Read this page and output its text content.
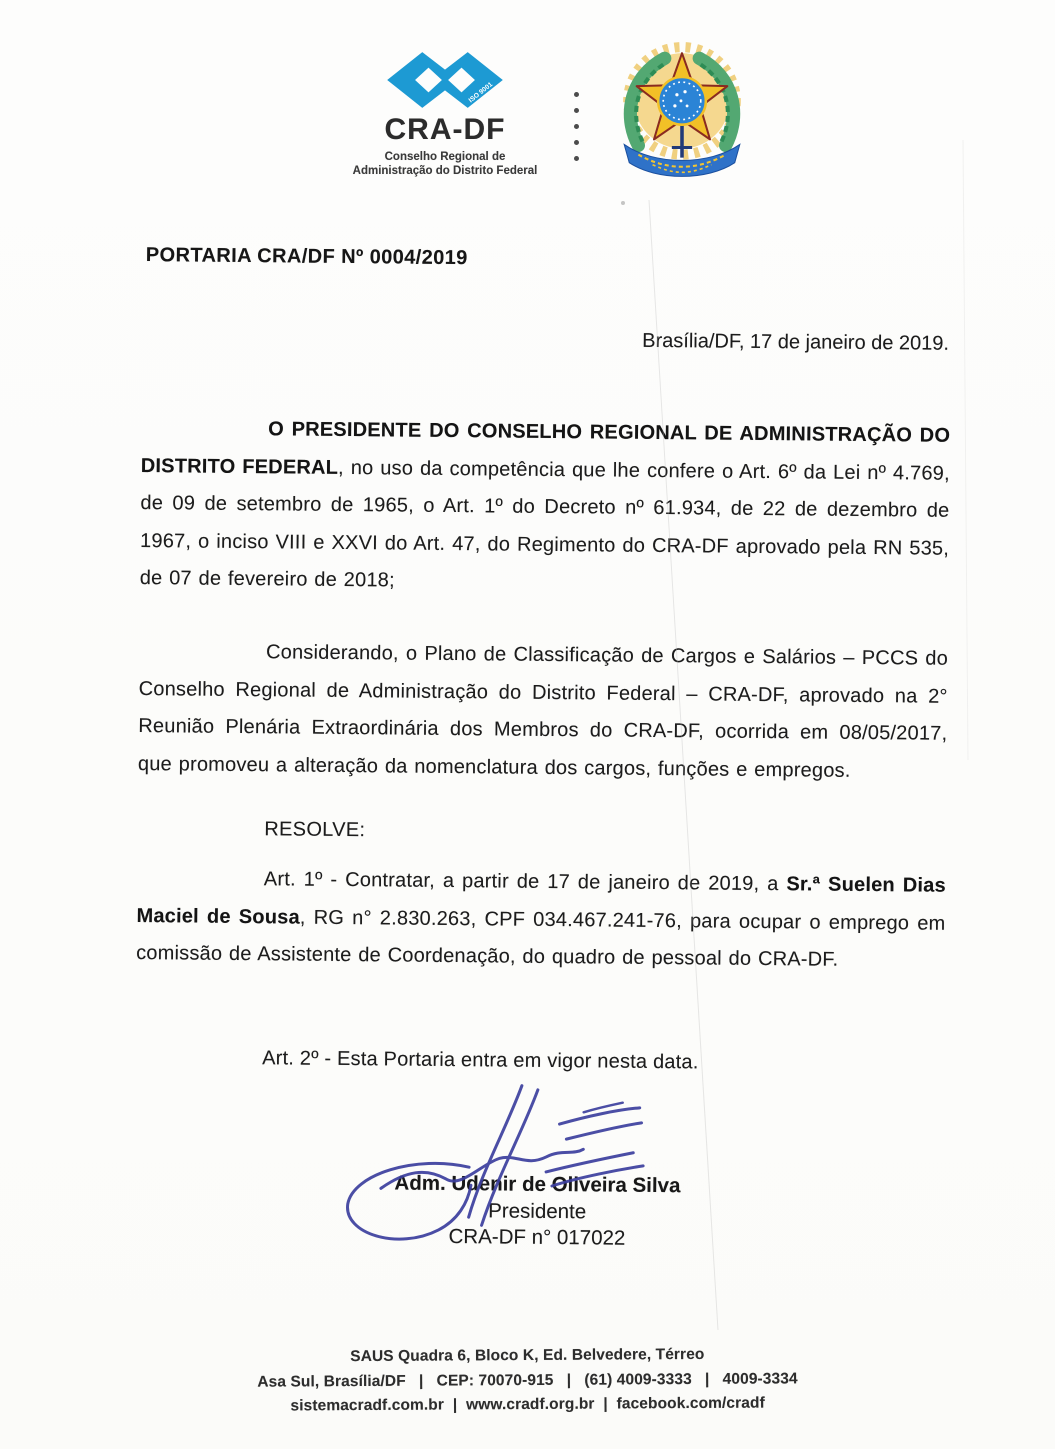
ISO 9001
CRA-DF
Conselho Regional de
Administração do Distrito Federal
PORTARIA CRA/DF Nº 0004/2019
Brasília/DF, 17 de janeiro de 2019.
O PRESIDENTE DO CONSELHO REGIONAL DE ADMINISTRAÇÃO DO DISTRITO FEDERAL, no uso da competência que lhe confere o Art. 6º da Lei nº 4.769, de 09 de setembro de 1965, o Art. 1º do Decreto nº 61.934, de 22 de dezembro de 1967, o inciso VIII e XXVI do Art. 47, do Regimento do CRA-DF aprovado pela RN 535, de 07 de fevereiro de 2018;
Considerando, o Plano de Classificação de Cargos e Salários – PCCS do Conselho Regional de Administração do Distrito Federal – CRA-DF, aprovado na 2° Reunião Plenária Extraordinária dos Membros do CRA-DF, ocorrida em 08/05/2017, que promoveu a alteração da nomenclatura dos cargos, funções e empregos.
RESOLVE:
Art. 1º - Contratar, a partir de 17 de janeiro de 2019, a Sr.ª Suelen Dias Maciel de Sousa, RG n° 2.830.263, CPF 034.467.241-76, para ocupar o emprego em comissão de Assistente de Coordenação, do quadro de pessoal do CRA-DF.
Art. 2º - Esta Portaria entra em vigor nesta data.
Adm. Udenir de Oliveira Silva
Presidente
CRA-DF n° 017022
SAUS Quadra 6, Bloco K, Ed. Belvedere, Térreo
Asa Sul, Brasília/DF   |   CEP: 70070-915   |   (61) 4009-3333   |   4009-3334
sistemacradf.com.br  |  www.cradf.org.br  |  facebook.com/cradf
